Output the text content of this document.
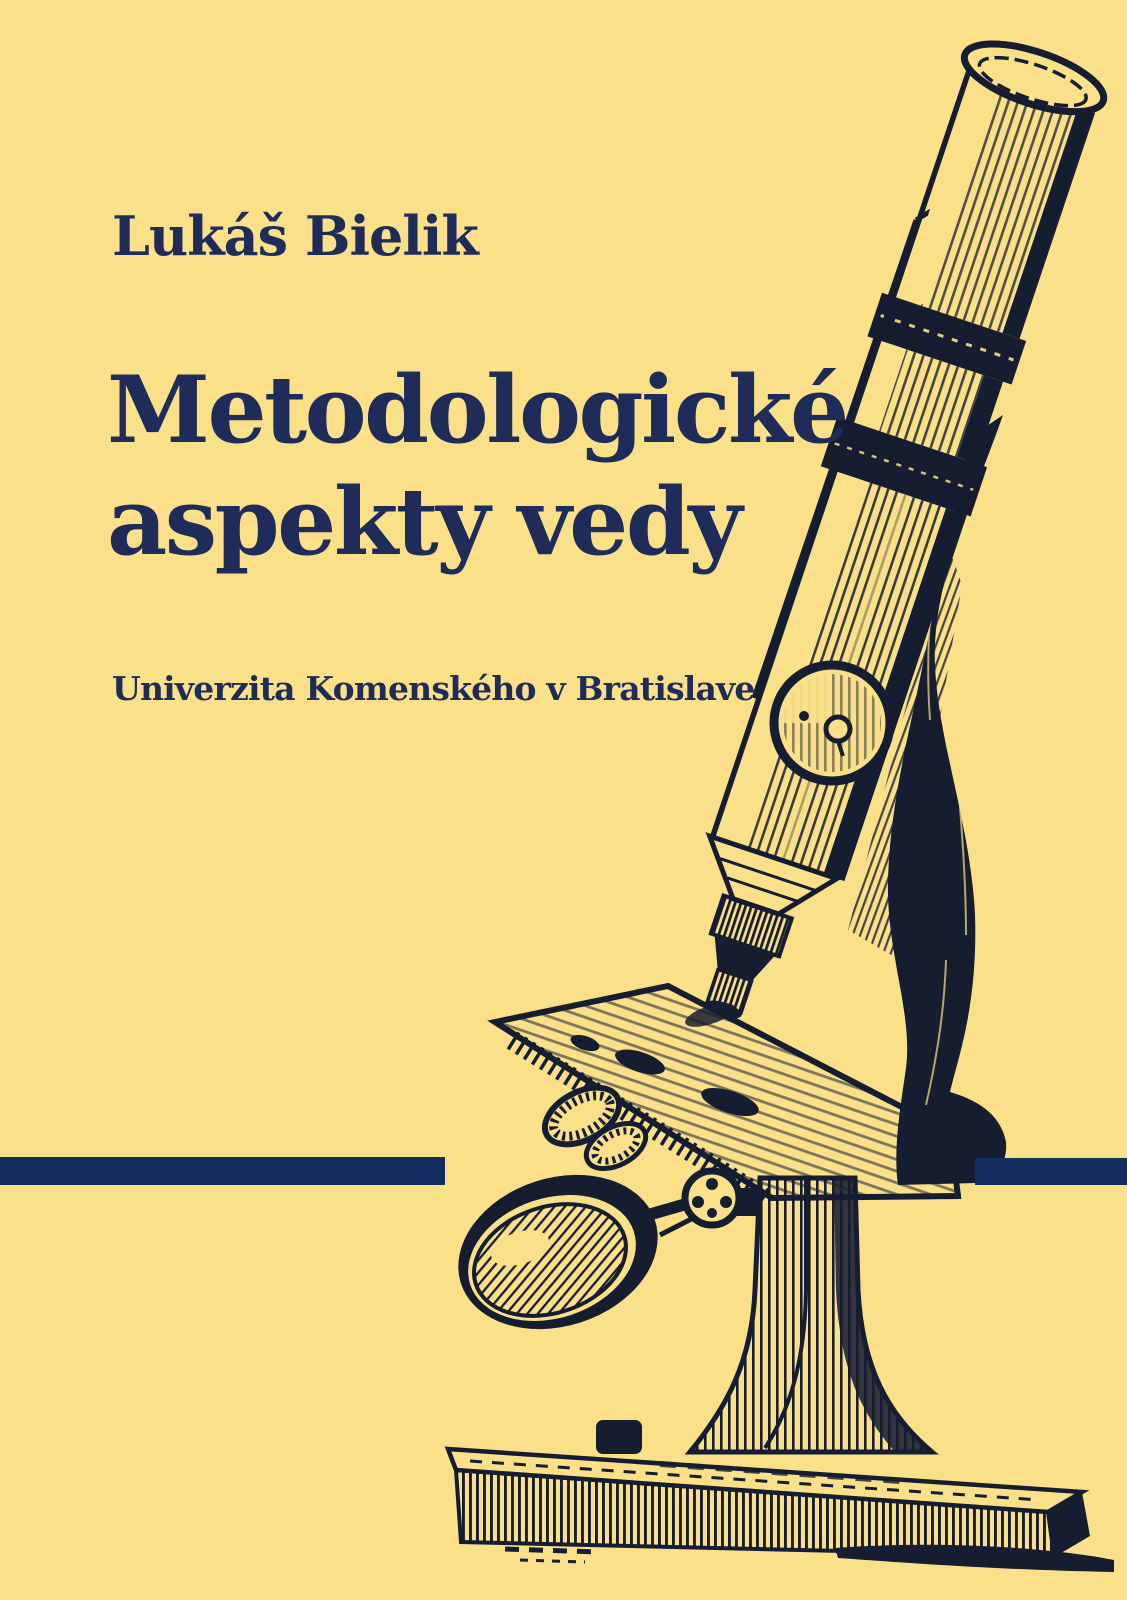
Lukáš Bielik
Metodologické
aspekty vedy
Univerzita Komenského v Bratislave
